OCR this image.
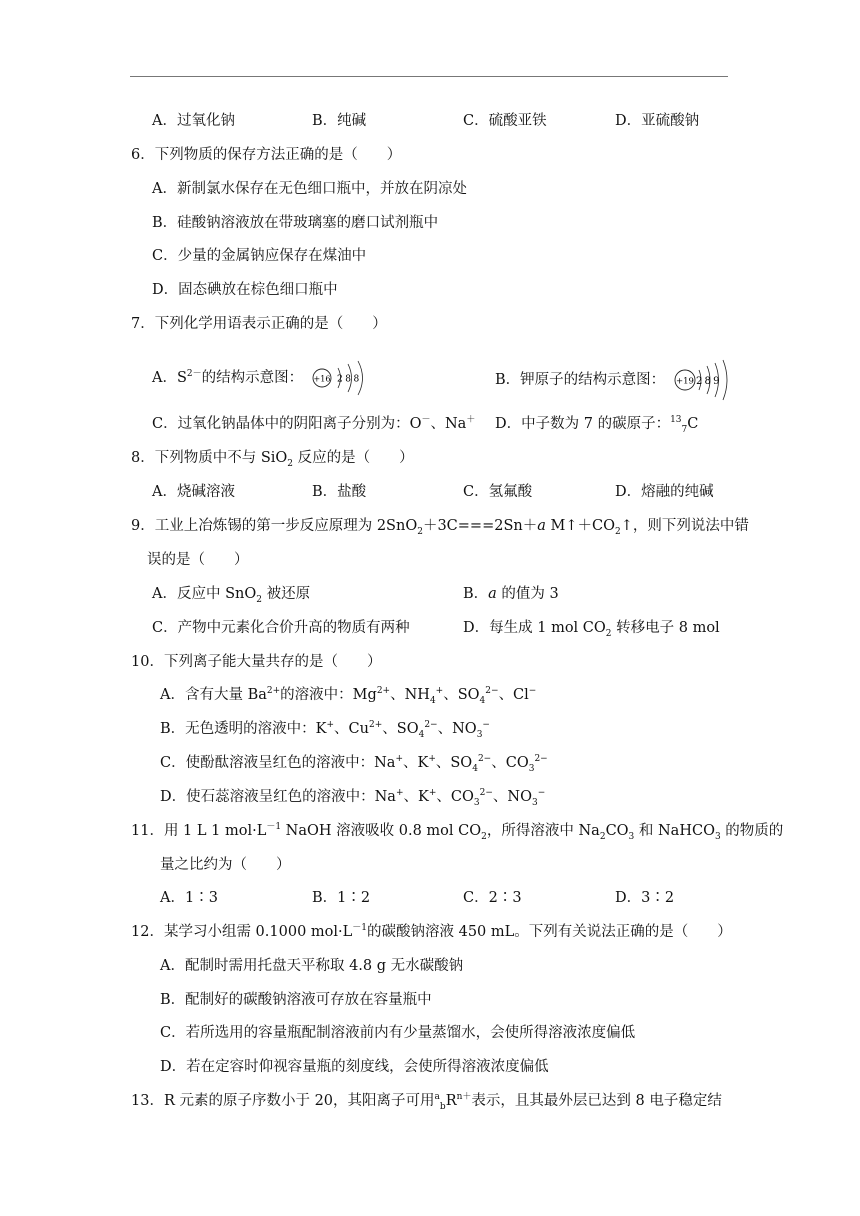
A．过氧化钠	B．纯碱	C．硫酸亚铁	D．亚硫酸钠
6．下列物质的保存方法正确的是（　　）
A．新制氯水保存在无色细口瓶中，并放在阴凉处
B．硅酸钠溶液放在带玻璃塞的磨口试剂瓶中
C．少量的金属钠应保存在煤油中
D．固态碘放在棕色细口瓶中
7．下列化学用语表示正确的是（　　）
A．$S^{2-}$的结构示意图： +16 288	B．钾原子的结构示意图： +19 289
C．过氧化钠晶体中的阴阳离子分别为：O－、Na＋ D．中子数为 7 的碳原子：$^{13}_7$C
8．下列物质中不与 SiO$_2$ 反应的是（　　）
A．烧碱溶液	B．盐酸	C．氢氟酸	D．熔融的纯碱
9．工业上冶炼锡的第一步反应原理为 2SnO$_2$＋3C===2Sn＋a $M↑+CO_2↑$，则下列说法中错
误的是（　　）
A．反应中 SnO$_2$ 被还原	B．a 的值为 3
C．产物中元素化合价升高的物质有两种	D．每生成 1 mol $CO_2$ 转移电子 8 mol
10．下列离子能大量共存的是（　　）
A．含有大量 $Ba^{2+}$的溶液中：$Mg^{2+}$、$NH_4^+$、$SO_4^{2-}$、Cl−
B．无色透明的溶液中：K+、$Cu^{2+}$、$SO_4^{2-}$、$NO_3^-$
C．使酚酞溶液呈红色的溶液中：Na+、K+、$SO_4^{2-}$、$CO_3^{2-}$
D．使石蕊溶液呈红色的溶液中：Na+、K+、$CO_3^{2-}$、$NO_3^-$
11．用 1 L 1 $mol\cdot L^{-1}$ NaOH 溶液吸收 0.8 mol $CO_2$，所得溶液中 $Na_2CO_3$ 和 NaHCO$_3$ 的物质的
量之比约为（　　）
A．1∶3	B．1∶2	C．2∶3	D．3∶2
12．某学习小组需 0.1000 $mol\cdot L^{-1}$的碳酸钠溶液 450 mL。下列有关说法正确的是（　　）
A．配制时需用托盘天平称取 4.8 g 无水碳酸钠
B．配制好的碳酸钠溶液可存放在容量瓶中
C．若所选用的容量瓶配制溶液前内有少量蒸馏水，会使所得溶液浓度偏低
D．若在定容时仰视容量瓶的刻度线，会使所得溶液浓度偏低
13．R 元素的原子序数小于 20，其阳离子可用$^a_bR^{n+}$表示，且其最外层已达到 8 电子稳定结
